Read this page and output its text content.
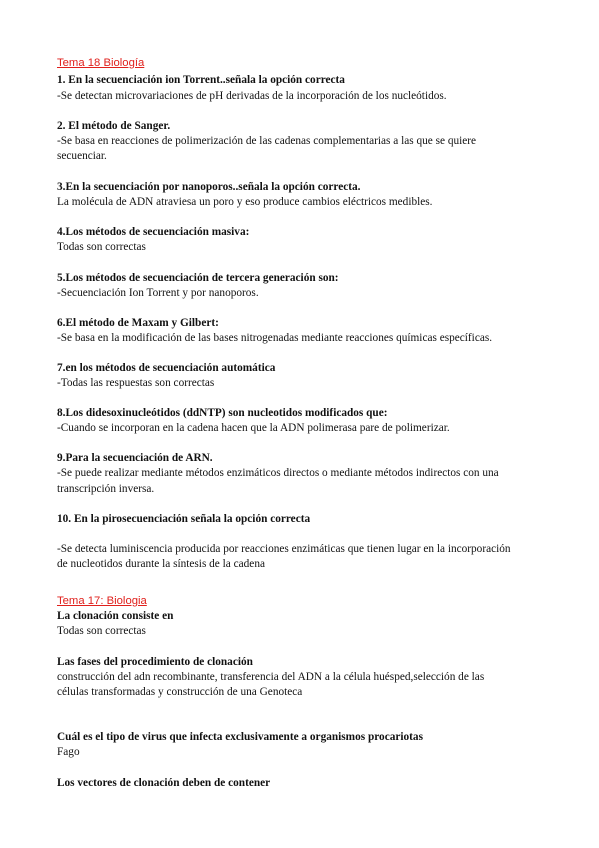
Tema 18 Biología
1. En la secuenciación ion Torrent..señala la opción correcta
-Se detectan microvariaciones de pH derivadas de la incorporación de los nucleótidos.
2. El método de Sanger.
-Se basa en reacciones de polimerización de las cadenas complementarias a las que se quiere
secuenciar.
3.En la secuenciación por nanoporos..señala la opción correcta.
La molécula de ADN atraviesa un poro y eso produce cambios eléctricos medibles.
4.Los métodos de secuenciación masiva:
Todas son correctas
5.Los métodos de secuenciación de tercera generación son:
-Secuenciación Ion Torrent y por nanoporos.
6.El método de Maxam y Gilbert:
-Se basa en la modificación de las bases nitrogenadas mediante reacciones químicas específicas.
7.en los métodos de secuenciación automática
-Todas las respuestas son correctas
8.Los didesoxinucleótidos (ddNTP) son nucleotidos modificados que:
-Cuando se incorporan en la cadena hacen que la ADN polimerasa pare de polimerizar.
9.Para la secuenciación de ARN.
-Se puede realizar mediante métodos enzimáticos directos o mediante métodos indirectos con una
transcripción inversa.
10. En la pirosecuenciación señala la opción correcta
-Se detecta luminiscencia producida por reacciones enzimáticas que tienen lugar en la incorporación
de nucleotidos durante la síntesis de la cadena
Tema 17: Biologia
La clonación consiste en
Todas son correctas
Las fases del procedimiento de clonación
construcción del adn recombinante, transferencia del ADN a la célula huésped,selección de las
células transformadas y construcción de una Genoteca
Cuál es el tipo de virus que infecta exclusivamente a organismos procariotas
Fago
Los vectores de clonación deben de contener
